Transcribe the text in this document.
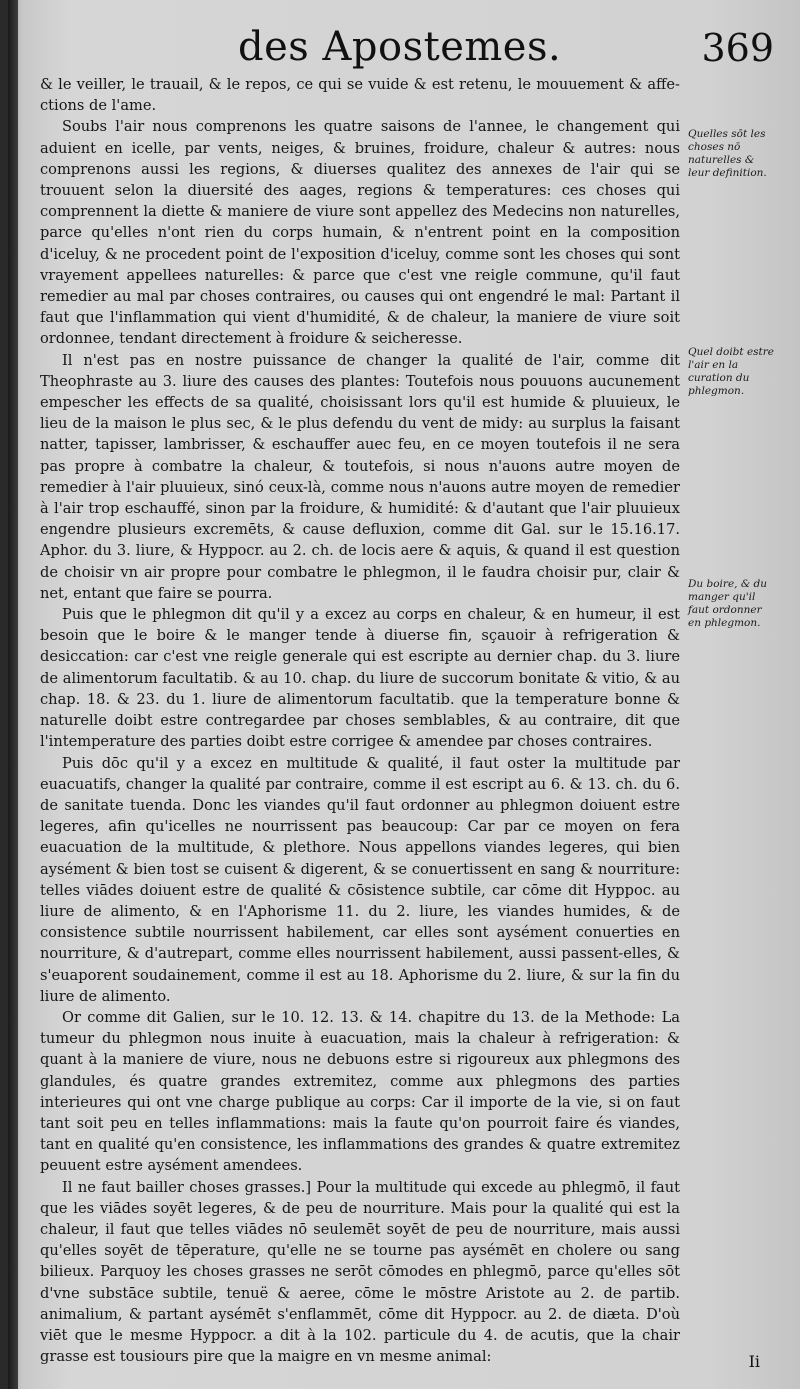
des Apostemes.	369

& le veiller, le trauail, & le repos, ce qui se vuide & est retenu, le mouuement & affe-ctions de l'ame.

Soubs l'air nous comprenons les quatre saisons de l'annee, le changement qui aduient en icelle, par vents, neiges, & bruines, froidure, chaleur & autres: nous comprenons aussi les regions, & diuerses qualitez des annexes de l'air qui se trouuent selon la diuersité des aages, regions & temperatures: ces choses qui comprennent la diette & maniere de viure sont appellez des Medecins non naturelles, parce qu'elles n'ont rien du corps humain, & n'entrent point en la composition d'iceluy, & ne procedent point de l'exposition d'iceluy, comme sont les choses qui sont vrayement appellees naturelles: & parce que c'est vne reigle commune, qu'il faut remedier au mal par choses contraires, ou causes qui ont engendré le mal: Partant il faut que l'inflammation qui vient d'humidité, & de chaleur, la maniere de viure soit ordonnee, tendant directement à froidure & seicheresse.

Il n'est pas en nostre puissance de changer la qualité de l'air, comme dit Theophraste au 3. liure des causes des plantes: Toutefois nous pouuons aucunement empescher les effects de sa qualité, choisissant lors qu'il est humide & pluuieux, le lieu de la maison le plus sec, & le plus defendu du vent de midy: au surplus la faisant natter, tapisser, lambrisser, & eschauffer auec feu, en ce moyen toutefois il ne sera pas propre à combatre la chaleur, & toutefois, si nous n'auons autre moyen de remedier à l'air pluuieux, sinó ceux-là, comme nous n'auons autre moyen de remedier à l'air trop eschauffé, sinon par la froidure, & humidité: & d'autant que l'air pluuieux engendre plusieurs excremēts, & cause defluxion, comme dit Gal. sur le 15.16.17. Aphor. du 3. liure, & Hyppocr. au 2. ch. de locis aere & aquis, & quand il est question de choisir vn air propre pour combatre le phlegmon, il le faudra choisir pur, clair & net, entant que faire se pourra.

Puis que le phlegmon dit qu'il y a excez au corps en chaleur, & en humeur, il est besoin que le boire & le manger tende à diuerse fin, sçauoir à refrigeration & desiccation: car c'est vne reigle generale qui est escripte au dernier chap. du 3. liure de alimentorum facultatib. & au 10. chap. du liure de succorum bonitate & vitio, & au chap. 18. & 23. du 1. liure de alimentorum facultatib. que la temperature bonne & naturelle doibt estre contregardee par choses semblables, & au contraire, dit que l'intemperature des parties doibt estre corrigee & amendee par choses contraires.

Puis dōc qu'il y a excez en multitude & qualité, il faut oster la multitude par euacuatifs, changer la qualité par contraire, comme il est escript au 6. & 13. ch. du 6. de sanitate tuenda. Donc les viandes qu'il faut ordonner au phlegmon doiuent estre legeres, afin qu'icelles ne nourrissent pas beaucoup: Car par ce moyen on fera euacuation de la multitude, & plethore. Nous appellons viandes legeres, qui bien aysément & bien tost se cuisent & digerent, & se conuertissent en sang & nourriture: telles viādes doiuent estre de qualité & cōsistence subtile, car cōme dit Hyppoc. au liure de alimento, & en l'Aphorisme 11. du 2. liure, les viandes humides, & de consistence subtile nourrissent habilement, car elles sont aysément conuerties en nourriture, & d'autrepart, comme elles nourrissent habilement, aussi passent-elles, & s'euaporent soudainement, comme il est au 18. Aphorisme du 2. liure, & sur la fin du liure de alimento.

Or comme dit Galien, sur le 10. 12. 13. & 14. chapitre du 13. de la Methode: La tumeur du phlegmon nous inuite à euacuation, mais la chaleur à refrigeration: & quant à la maniere de viure, nous ne debuons estre si rigoureux aux phlegmons des glandules, és quatre grandes extremitez, comme aux phlegmons des parties interieures qui ont vne charge publique au corps: Car il importe de la vie, si on faut tant soit peu en telles inflammations: mais la faute qu'on pourroit faire és viandes, tant en qualité qu'en consistence, les inflammations des grandes & quatre extremitez peuuent estre aysément amendees.

Il ne faut bailler choses grasses.] Pour la multitude qui excede au phlegmō, il faut que les viādes soyēt legeres, & de peu de nourriture. Mais pour la qualité qui est la chaleur, il faut que telles viādes nō seulemēt soyēt de peu de nourriture, mais aussi qu'elles soyēt de tēperature, qu'elle ne se tourne pas aysémēt en cholere ou sang bilieux. Parquoy les choses grasses ne serōt cōmodes en phlegmō, parce qu'elles sōt d'vne substāce subtile, tenuë & aeree, cōme le mōstre Aristote au 2. de partib. animalium, & partant aysémēt s'enflammēt, cōme dit Hyppocr. au 2. de diæta. D'où viēt que le mesme Hyppocr. a dit à la 102. particule du 4. de acutis, que la chair grasse est tousiours pire que la maigre en vn mesme animal:

Quelles sōt les choses nō naturelles & leur definition.
Quel doibt estre l'air en la curation du phlegmon.
Du boire, & du manger qu'il faut ordonner en phlegmon.
Ii
